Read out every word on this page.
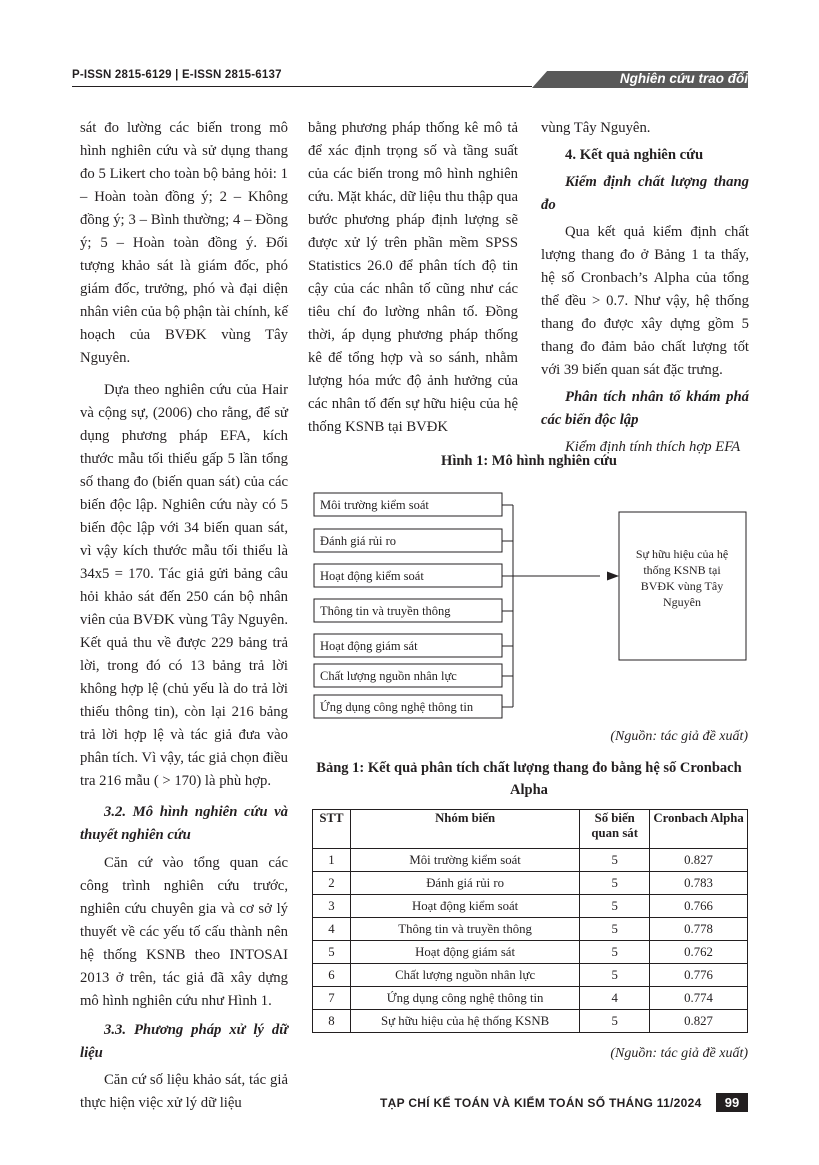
P-ISSN 2815-6129 | E-ISSN 2815-6137	Nghiên cứu trao đổi

sát đo lường các biến trong mô hình nghiên cứu và sử dụng thang đo 5 Likert cho toàn bộ bảng hỏi: 1 – Hoàn toàn đồng ý; 2 – Không đồng ý; 3 – Bình thường; 4 – Đồng ý; 5 – Hoàn toàn đồng ý. Đối tượng khảo sát là giám đốc, phó giám đốc, trưởng, phó và đại diện nhân viên của bộ phận tài chính, kế hoạch của BVĐK vùng Tây Nguyên.

Dựa theo nghiên cứu của Hair và cộng sự, (2006) cho rằng, để sử dụng phương pháp EFA, kích thước mẫu tối thiểu gấp 5 lần tổng số thang đo (biến quan sát) của các biến độc lập. Nghiên cứu này có 5 biến độc lập với 34 biến quan sát, vì vậy kích thước mẫu tối thiểu là 34x5 = 170. Tác giả gửi bảng câu hỏi khảo sát đến 250 cán bộ nhân viên của BVĐK vùng Tây Nguyên. Kết quả thu về được 229 bảng trả lời, trong đó có 13 bảng trả lời không hợp lệ (chủ yếu là do trả lời thiếu thông tin), còn lại 216 bảng trả lời hợp lệ và tác giả đưa vào phân tích. Vì vậy, tác giả chọn điều tra 216 mẫu ( > 170) là phù hợp.

3.2. Mô hình nghiên cứu và thuyết nghiên cứu

Căn cứ vào tổng quan các công trình nghiên cứu trước, nghiên cứu chuyên gia và cơ sở lý thuyết về các yếu tố cấu thành nên hệ thống KSNB theo INTOSAI 2013 ở trên, tác giả đã xây dựng mô hình nghiên cứu như Hình 1.

3.3. Phương pháp xử lý dữ liệu

Căn cứ số liệu khảo sát, tác giả thực hiện việc xử lý dữ liệu

bằng phương pháp thống kê mô tả để xác định trọng số và tầng suất của các biến trong mô hình nghiên cứu. Mặt khác, dữ liệu thu thập qua bước phương pháp định lượng sẽ được xử lý trên phần mềm SPSS Statistics 26.0 để phân tích độ tin cậy của các nhân tố cũng như các tiêu chí đo lường nhân tố. Đồng thời, áp dụng phương pháp thống kê để tổng hợp và so sánh, nhằm lượng hóa mức độ ảnh hưởng của các nhân tố đến sự hữu hiệu của hệ thống KSNB tại BVĐK

vùng Tây Nguyên.

4. Kết quả nghiên cứu

Kiểm định chất lượng thang đo

Qua kết quả kiểm định chất lượng thang đo ở Bảng 1 ta thấy, hệ số Cronbach’s Alpha của tổng thể đều > 0.7. Như vậy, hệ thống thang đo được xây dựng gồm 5 thang đo đảm bảo chất lượng tốt với 39 biến quan sát đặc trưng.

Phân tích nhân tố khám phá các biến độc lập

Kiểm định tính thích hợp EFA

Hình 1: Mô hình nghiên cứu
Môi trường kiểm soát
Đánh giá rủi ro
Hoạt động kiểm soát
Thông tin và truyền thông
Hoạt động giám sát
Chất lượng nguồn nhân lực
Ứng dụng công nghệ thông tin
Sự hữu hiệu của hệ
thống KSNB tại
BVĐK vùng Tây
Nguyên
(Nguồn: tác giả đề xuất)
Bảng 1: Kết quả phân tích chất lượng thang đo bằng hệ số Cronbach Alpha
STT	Nhóm biến	Số biến quan sát	Cronbach Alpha
1	Môi trường kiểm soát	5	0.827
2	Đánh giá rủi ro	5	0.783
3	Hoạt động kiểm soát	5	0.766
4	Thông tin và truyền thông	5	0.778
5	Hoạt động giám sát	5	0.762
6	Chất lượng nguồn nhân lực	5	0.776
7	Ứng dụng công nghệ thông tin	4	0.774
8	Sự hữu hiệu của hệ thống KSNB	5	0.827
(Nguồn: tác giả đề xuất)
TẠP CHÍ KẾ TOÁN VÀ KIỂM TOÁN SỐ THÁNG 11/2024	99
